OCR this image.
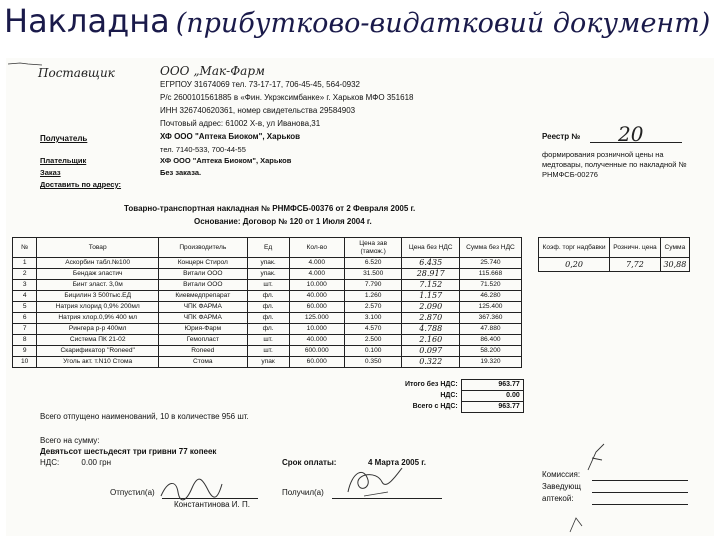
Накладна (прибутково-видатковий документ)
Поставщик	ООО „Мак-Фарм
ЕГРПОУ 31674069 тел. 73-17-17, 706-45-45, 564-0932
Р/с 2600101561885 в «Фин. Укрэксимбанке» г. Харьков МФО 351618
ИНН 326740620361, номер свидетельства 29584903
Почтовый адрес: 61002 Х-в, ул Иванова,31
Получатель	ХФ ООО "Аптека Биоком", Харьков
тел. 7140-533, 700-44-55
Плательщик	ХФ ООО "Аптека Биоком", Харьков
Заказ	Без заказа.
Доставить по адресу:
Реестр № 20
формирования розничной цены на медтовары, полученные по накладной № РНМФСБ-00276
Товарно-транспортная накладная № РНМФСБ-00376 от 2 Февраля 2005 г.
Основание: Договор № 120 от 1 Июля 2004 г.
№	Товар	Производитель	Ед	Кол-во	Цена зав (тамож.)	Цена без НДС	Сумма без НДС
1	Аскорбин табл.№100	Концерн Стирол	упак.	4.000	6.520	6.435	25.740
2	Бендаж эластич	Витали ООО	упак.	4.000	31.500	28.917	115.668
3	Бинт эласт. 3,0м	Витали ООО	шт.	10.000	7.790	7.152	71.520
4	Бицилин 3 500тыс.ЕД	Киевмедпрепарат	фл.	40.000	1.260	1.157	46.280
5	Натрия хлорид 0,9% 200мл	ЧПК ФАРМА	фл.	60.000	2.570	2.090	125.400
6	Натрия хлор.0,9% 400 мл	ЧПК ФАРМА	фл.	125.000	3.100	2.870	367.360
7	Рингера р-р 400мл	Юрия-Фарм	фл.	10.000	4.570	4.788	47.880
8	Система ПК 21-02	Гемопласт	шт.	40.000	2.500	2.160	86.400
9	Скарификатор "Roneed"	Roneed	шт.	600.000	0.100	0.097	58.200
10	Уголь акт. т.N10 Стома	Стома	упак	60.000	0.350	0.322	19.320
Коэф. торг надбавки	Розничн. цена	Сумма
0,20	7,72	30,88
Итого без НДС:	963.77
НДС:	0.00
Всего с НДС:	963.77
Всего отпущено наименований, 10 в количестве 956 шт.
Всего на сумму:
Девятьсот шестьдесят три гривни 77 копеек
НДС:          0.00 грн	Срок оплаты:	4 Марта 2005 г.
Отпустил(а)
Константинова И. П.
Получил(а)
Комиссия:
Заведующ
аптекой:
